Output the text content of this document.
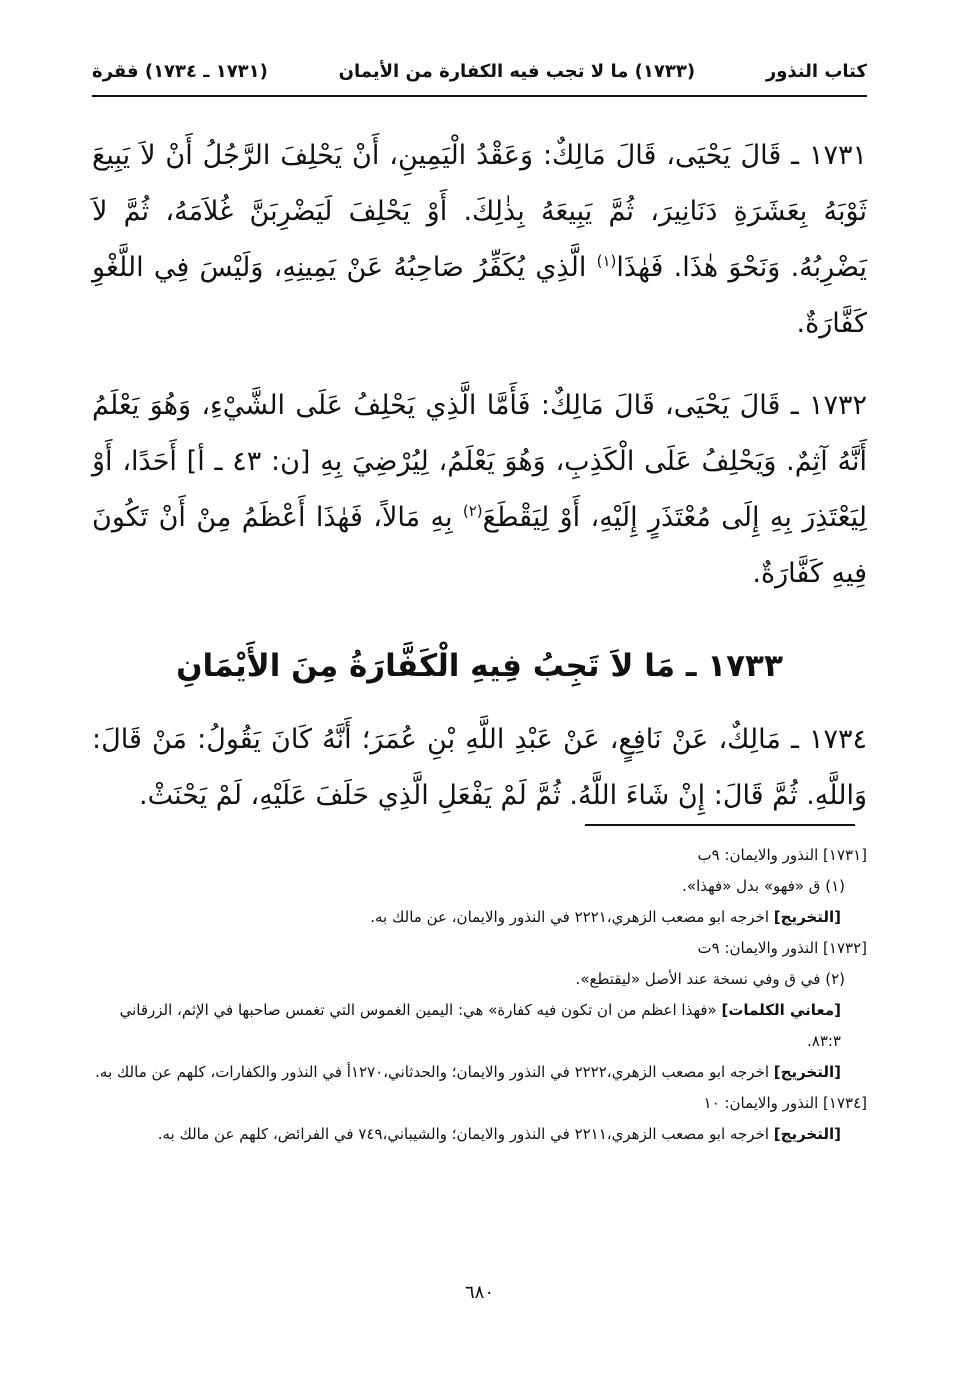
كتاب النذور
(١٧٣٣) ما لا تجب فيه الكفارة من الأيمان
(١٧٣١ ـ ١٧٣٤) فقرة

١٧٣١ ـ قَالَ يَحْيَى، قَالَ مَالِكٌ: وَعَقْدُ الْيَمِينِ، أَنْ يَحْلِفَ الرَّجُلُ أَنْ لاَ يَبِيعَ ثَوْبَهُ بِعَشَرَةِ دَنَانِيرَ، ثُمَّ يَبِيعَهُ بِذٰلِكَ. أَوْ يَحْلِفَ لَيَضْرِبَنَّ غُلاَمَهُ، ثُمَّ لاَ يَضْرِبُهُ. وَنَحْوَ هٰذَا. فَهٰذَا$^{(١)}$ الَّذِي يُكَفِّرُ صَاحِبُهُ عَنْ يَمِينِهِ، وَلَيْسَ فِي اللَّغْوِ كَفَّارَةٌ.

١٧٣٢ ـ قَالَ يَحْيَى، قَالَ مَالِكٌ: فَأَمَّا الَّذِي يَحْلِفُ عَلَى الشَّيْءِ، وَهُوَ يَعْلَمُ أَنَّهُ آثِمٌ. وَيَحْلِفُ عَلَى الْكَذِبِ، وَهُوَ يَعْلَمُ، لِيُرْضِيَ بِهِ [ن: ٤٣ ـ أ] أَحَدًا، أَوْ لِيَعْتَذِرَ بِهِ إِلَى مُعْتَذَرٍ إِلَيْهِ، أَوْ لِيَقْطَعَ$^{(٢)}$ بِهِ مَالاً، فَهٰذَا أَعْظَمُ مِنْ أَنْ تَكُونَ فِيهِ كَفَّارَةٌ.

١٧٣٣ ـ مَا لاَ تَجِبُ فِيهِ الْكَفَّارَةُ مِنَ الأَيْمَانِ

١٧٣٤ ـ مَالِكٌ، عَنْ نَافِعٍ، عَنْ عَبْدِ اللَّهِ بْنِ عُمَرَ؛ أَنَّهُ كَانَ يَقُولُ: مَنْ قَالَ: وَاللَّهِ. ثُمَّ قَالَ: إِنْ شَاءَ اللَّهُ. ثُمَّ لَمْ يَفْعَلِ الَّذِي حَلَفَ عَلَيْهِ، لَمْ يَحْنَثْ.

[١٧٣١] النذور والايمان: ٩ب

(١) ق «فهو» بدل «فهذا».

[التخريج] اخرجه ابو مصعب الزهري،٢٢٢١ في النذور والايمان، عن مالك به.

[١٧٣٢] النذور والايمان: ٩ت

(٢) في ق وفي نسخة عند الأصل «ليقتطع».

[معاني الكلمات] «فهذا اعظم من ان تكون فيه كفارة» هي: اليمين الغموس التي تغمس صاحبها في الإثم، الزرقاني ٨٣:٣.

[التخريج] اخرجه ابو مصعب الزهري،٢٢٢٢ في النذور والايمان؛ والحدثاني،١٢٧٠أ في النذور والكفارات، كلهم عن مالك به.

[١٧٣٤] النذور والايمان: ١٠

[التخريج] اخرجه ابو مصعب الزهري،٢٢١١ في النذور والايمان؛ والشيباني،٧٤٩ في الفرائض، كلهم عن مالك به.

٦٨٠
